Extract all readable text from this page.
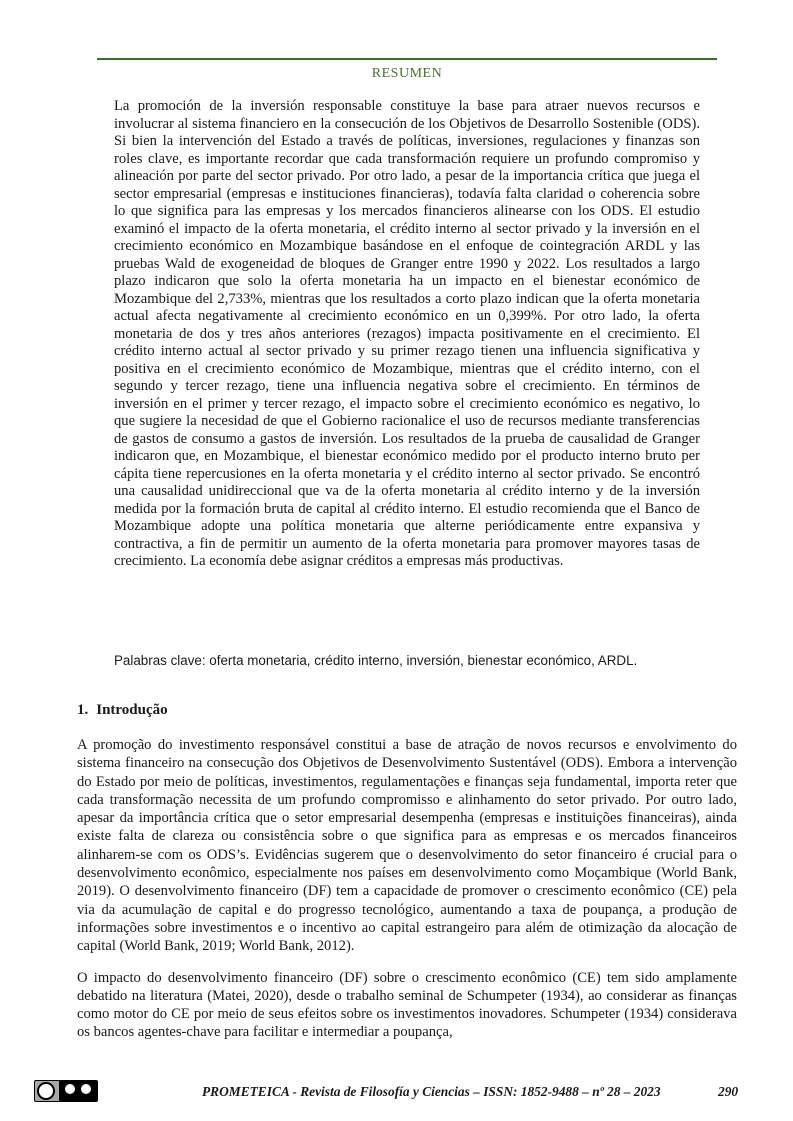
RESUMEN
La promoción de la inversión responsable constituye la base para atraer nuevos recursos e involucrar al sistema financiero en la consecución de los Objetivos de Desarrollo Sostenible (ODS). Si bien la intervención del Estado a través de políticas, inversiones, regulaciones y finanzas son roles clave, es importante recordar que cada transformación requiere un profundo compromiso y alineación por parte del sector privado. Por otro lado, a pesar de la importancia crítica que juega el sector empresarial (empresas e instituciones financieras), todavía falta claridad o coherencia sobre lo que significa para las empresas y los mercados financieros alinearse con los ODS. El estudio examinó el impacto de la oferta monetaria, el crédito interno al sector privado y la inversión en el crecimiento económico en Mozambique basándose en el enfoque de cointegración ARDL y las pruebas Wald de exogeneidad de bloques de Granger entre 1990 y 2022. Los resultados a largo plazo indicaron que solo la oferta monetaria ha un impacto en el bienestar económico de Mozambique del 2,733%, mientras que los resultados a corto plazo indican que la oferta monetaria actual afecta negativamente al crecimiento económico en un 0,399%. Por otro lado, la oferta monetaria de dos y tres años anteriores (rezagos) impacta positivamente en el crecimiento. El crédito interno actual al sector privado y su primer rezago tienen una influencia significativa y positiva en el crecimiento económico de Mozambique, mientras que el crédito interno, con el segundo y tercer rezago, tiene una influencia negativa sobre el crecimiento. En términos de inversión en el primer y tercer rezago, el impacto sobre el crecimiento económico es negativo, lo que sugiere la necesidad de que el Gobierno racionalice el uso de recursos mediante transferencias de gastos de consumo a gastos de inversión. Los resultados de la prueba de causalidad de Granger indicaron que, en Mozambique, el bienestar económico medido por el producto interno bruto per cápita tiene repercusiones en la oferta monetaria y el crédito interno al sector privado. Se encontró una causalidad unidireccional que va de la oferta monetaria al crédito interno y de la inversión medida por la formación bruta de capital al crédito interno. El estudio recomienda que el Banco de Mozambique adopte una política monetaria que alterne periódicamente entre expansiva y contractiva, a fin de permitir un aumento de la oferta monetaria para promover mayores tasas de crecimiento. La economía debe asignar créditos a empresas más productivas.
Palabras clave: oferta monetaria, crédito interno, inversión, bienestar económico, ARDL.
1. Introdução

A promoção do investimento responsável constitui a base de atração de novos recursos e envolvimento do sistema financeiro na consecução dos Objetivos de Desenvolvimento Sustentável (ODS). Embora a intervenção do Estado por meio de políticas, investimentos, regulamentações e finanças seja fundamental, importa reter que cada transformação necessita de um profundo compromisso e alinhamento do setor privado. Por outro lado, apesar da importância crítica que o setor empresarial desempenha (empresas e instituições financeiras), ainda existe falta de clareza ou consistência sobre o que significa para as empresas e os mercados financeiros alinharem-se com os ODS’s. Evidências sugerem que o desenvolvimento do setor financeiro é crucial para o desenvolvimento econômico, especialmente nos países em desenvolvimento como Moçambique (World Bank, 2019). O desenvolvimento financeiro (DF) tem a capacidade de promover o crescimento econômico (CE) pela via da acumulação de capital e do progresso tecnológico, aumentando a taxa de poupança, a produção de informações sobre investimentos e o incentivo ao capital estrangeiro para além de otimização da alocação de capital (World Bank, 2019; World Bank, 2012).

O impacto do desenvolvimento financeiro (DF) sobre o crescimento econômico (CE) tem sido amplamente debatido na literatura (Matei, 2020), desde o trabalho seminal de Schumpeter (1934), ao considerar as finanças como motor do CE por meio de seus efeitos sobre os investimentos inovadores. Schumpeter (1934) considerava os bancos agentes-chave para facilitar e intermediar a poupança,

PROMETEICA - Revista de Filosofía y Ciencias – ISSN: 1852-9488 – nº 28 – 2023	290
